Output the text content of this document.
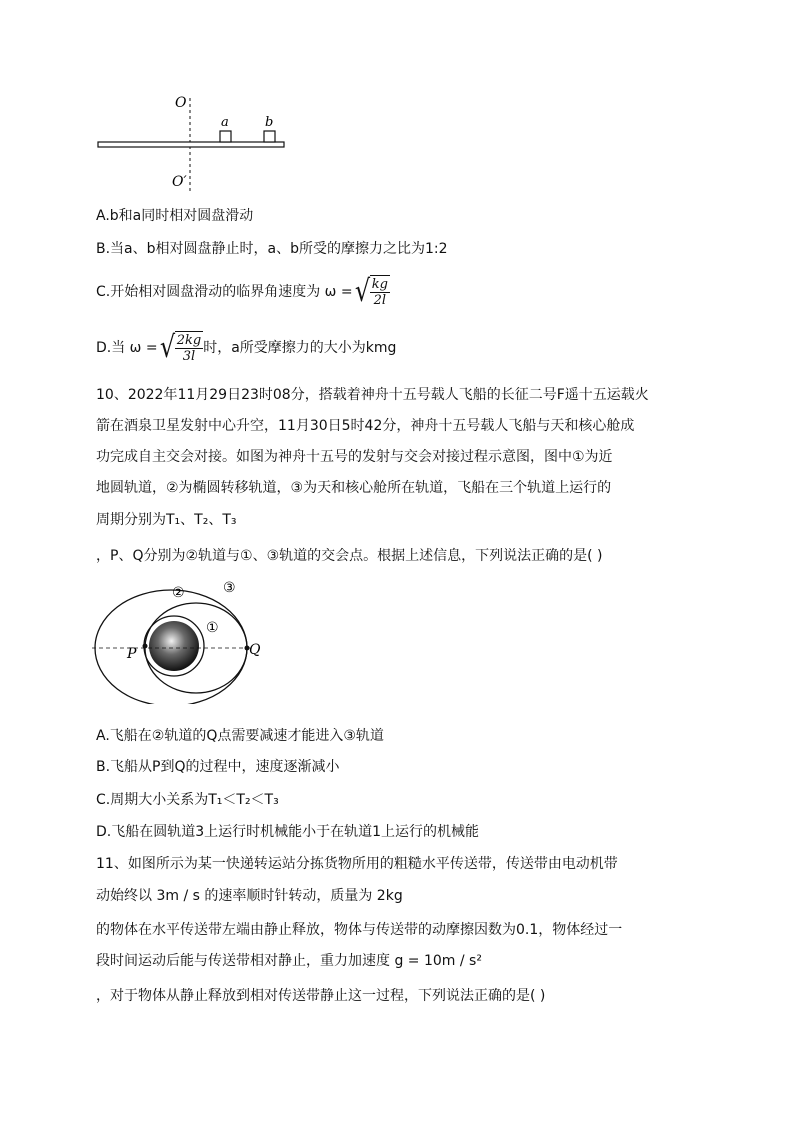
O
O′
a	b
A.b和a同时相对圆盘滑动
B.当a、b相对圆盘静止时，a、b所受的摩擦力之比为1:2
C.开始相对圆盘滑动的临界角速度为 ω = √ $\frac{kg}{2l}$
D.当 ω = √ $\frac{2kg}{3l}$ 时，a所受摩擦力的大小为kmg
10、2022年11月29日23时08分，搭载着神舟十五号载人飞船的长征二号F遥十五运载火
箭在酒泉卫星发射中心升空，11月30日5时42分，神舟十五号载人飞船与天和核心舱成
功完成自主交会对接。如图为神舟十五号的发射与交会对接过程示意图，图中①为近
地圆轨道，②为椭圆转移轨道，③为天和核心舱所在轨道，飞船在三个轨道上运行的
周期分别为T₁、T₂、T₃
，P、Q分别为②轨道与①、③轨道的交会点。根据上述信息，下列说法正确的是( )
P	Q
②	③
①
A.飞船在②轨道的Q点需要减速才能进入③轨道
B.飞船从P到Q的过程中，速度逐渐减小
C.周期大小关系为T₁＜T₂＜T₃
D.飞船在圆轨道3上运行时机械能小于在轨道1上运行的机械能
11、如图所示为某一快递转运站分拣货物所用的粗糙水平传送带，传送带由电动机带
动始终以 3m / s 的速率顺时针转动，质量为 2kg
的物体在水平传送带左端由静止释放，物体与传送带的动摩擦因数为0.1，物体经过一
段时间运动后能与传送带相对静止，重力加速度 g = 10m / s²
，对于物体从静止释放到相对传送带静止这一过程，下列说法正确的是( )
